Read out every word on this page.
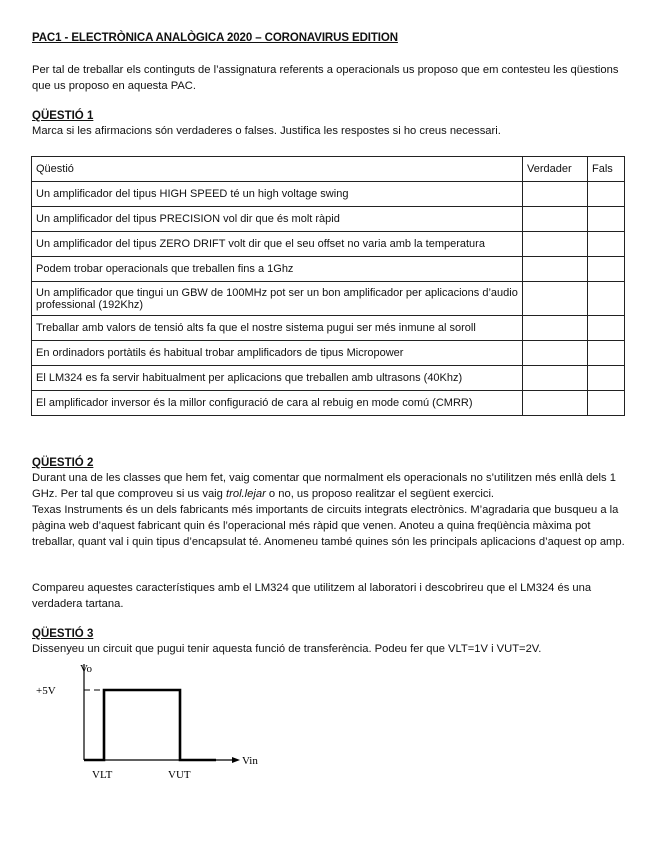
PAC1 - ELECTRÒNICA ANALÒGICA 2020 – CORONAVIRUS EDITION
Per tal de treballar els continguts de l’assignatura referents a operacionals us proposo que em contesteu les qüestions que us proposo en aquesta PAC.
QÜESTIÓ 1
Marca si les afirmacions són verdaderes o falses. Justifica les respostes si ho creus necessari.
Qüestió	Verdader	Fals
Un amplificador del tipus HIGH SPEED té un high voltage swing		
Un amplificador del tipus PRECISION vol dir que és molt ràpid		
Un amplificador del tipus ZERO DRIFT volt dir que el seu offset no varia amb la temperatura		
Podem trobar operacionals que treballen fins a 1Ghz		
Un amplificador que tingui un GBW de 100MHz pot ser un bon amplificador per aplicacions d’audio professional (192Khz)		
Treballar amb valors de tensió alts fa que el nostre sistema pugui ser més inmune al soroll		
En ordinadors portàtils és habitual trobar amplificadors de tipus Micropower		
El LM324 es fa servir habitualment per aplicacions que treballen amb ultrasons (40Khz)		
El amplificador inversor és la millor configuració de cara al rebuig en mode comú (CMRR)		
QÜESTIÓ 2
Durant una de les classes que hem fet, vaig comentar que normalment els operacionals no s’utilitzen més enllà dels 1 GHz. Per tal que comproveu si us vaig trol.lejar o no, us proposo realitzar el següent exercici.
Texas Instruments és un dels fabricants més importants de circuits integrats electrònics. M’agradaria que busqueu a la pàgina web d’aquest fabricant quin és l’operacional més ràpid que venen. Anoteu a quina freqüència màxima pot treballar, quant val i quin tipus d’encapsulat té. Anomeneu també quines són les principals aplicacions d’aquest op amp.
Compareu aquestes característiques amb el LM324 que utilitzem al laboratori i descobrireu que el LM324 és una verdadera tartana.
QÜESTIÓ 3
Dissenyeu un circuit que pugui tenir aquesta funció de transferència. Podeu fer que VLT=1V i VUT=2V.
Vo
Vin
+5V
VLT	VUT
